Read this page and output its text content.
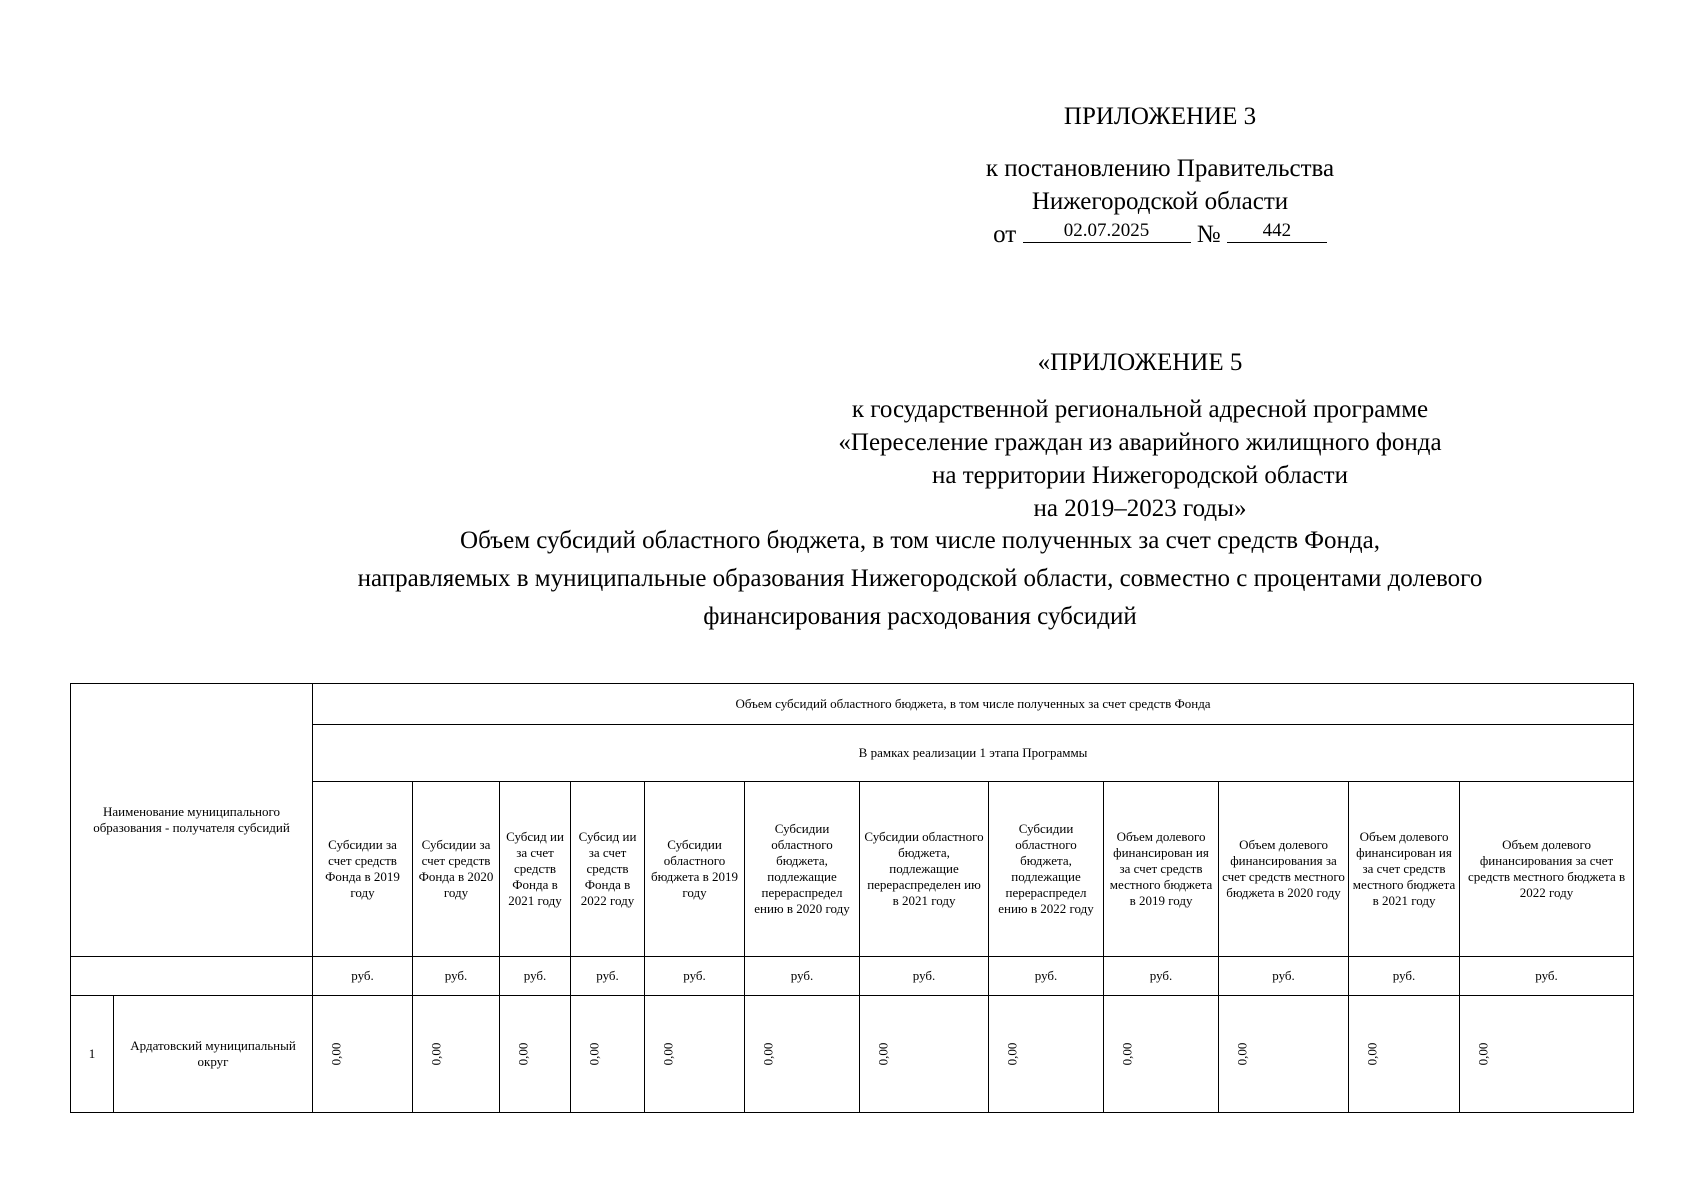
ПРИЛОЖЕНИЕ 3
к постановлению Правительства
Нижегородской области
от	02.07.2025 № 442
«ПРИЛОЖЕНИЕ 5
к государственной региональной адресной программе
«Переселение граждан из аварийного жилищного фонда
на территории Нижегородской области
на 2019–2023 годы»
Объем субсидий областного бюджета, в том числе полученных за счет средств Фонда,
направляемых в муниципальные образования Нижегородской области, совместно с процентами долевого
финансирования расходования субсидий
Наименование муниципального образования - получателя субсидий		Объем субсидий областного бюджета, в том числе полученных за счет средств Фонда											
		В рамках реализации 1 этапа Программы											
		Субсидии за счет средств Фонда в 2019 году	Субсидии за счет средств Фонда в 2020 году	Субсид ии за счет средств Фонда в 2021 году	Субсид ии за счет средств Фонда в 2022 году	Субсидии областного бюджета в 2019 году	Субсидии областного бюджета, подлежащие перераспредел ению в 2020 году	Субсидии областного бюджета, подлежащие перераспределен ию в 2021 году	Субсидии областного бюджета, подлежащие перераспредел ению в 2022 году	Объем долевого финансирован ия за счет средств местного бюджета в 2019 году	Объем долевого финансирования за счет средств местного бюджета в 2020 году	Объем долевого финансирован ия за счет средств местного бюджета в 2021 году	Объем долевого финансирования за счет средств местного бюджета в 2022 году
		руб.	руб.	руб.	руб.	руб.	руб.	руб.	руб.	руб.	руб.	руб.	руб.
1	Ардатовский муниципальный округ	0,00	0,00	0,00	0,00	0,00	0,00	0,00	0,00	0,00	0,00	0,00	0,00
